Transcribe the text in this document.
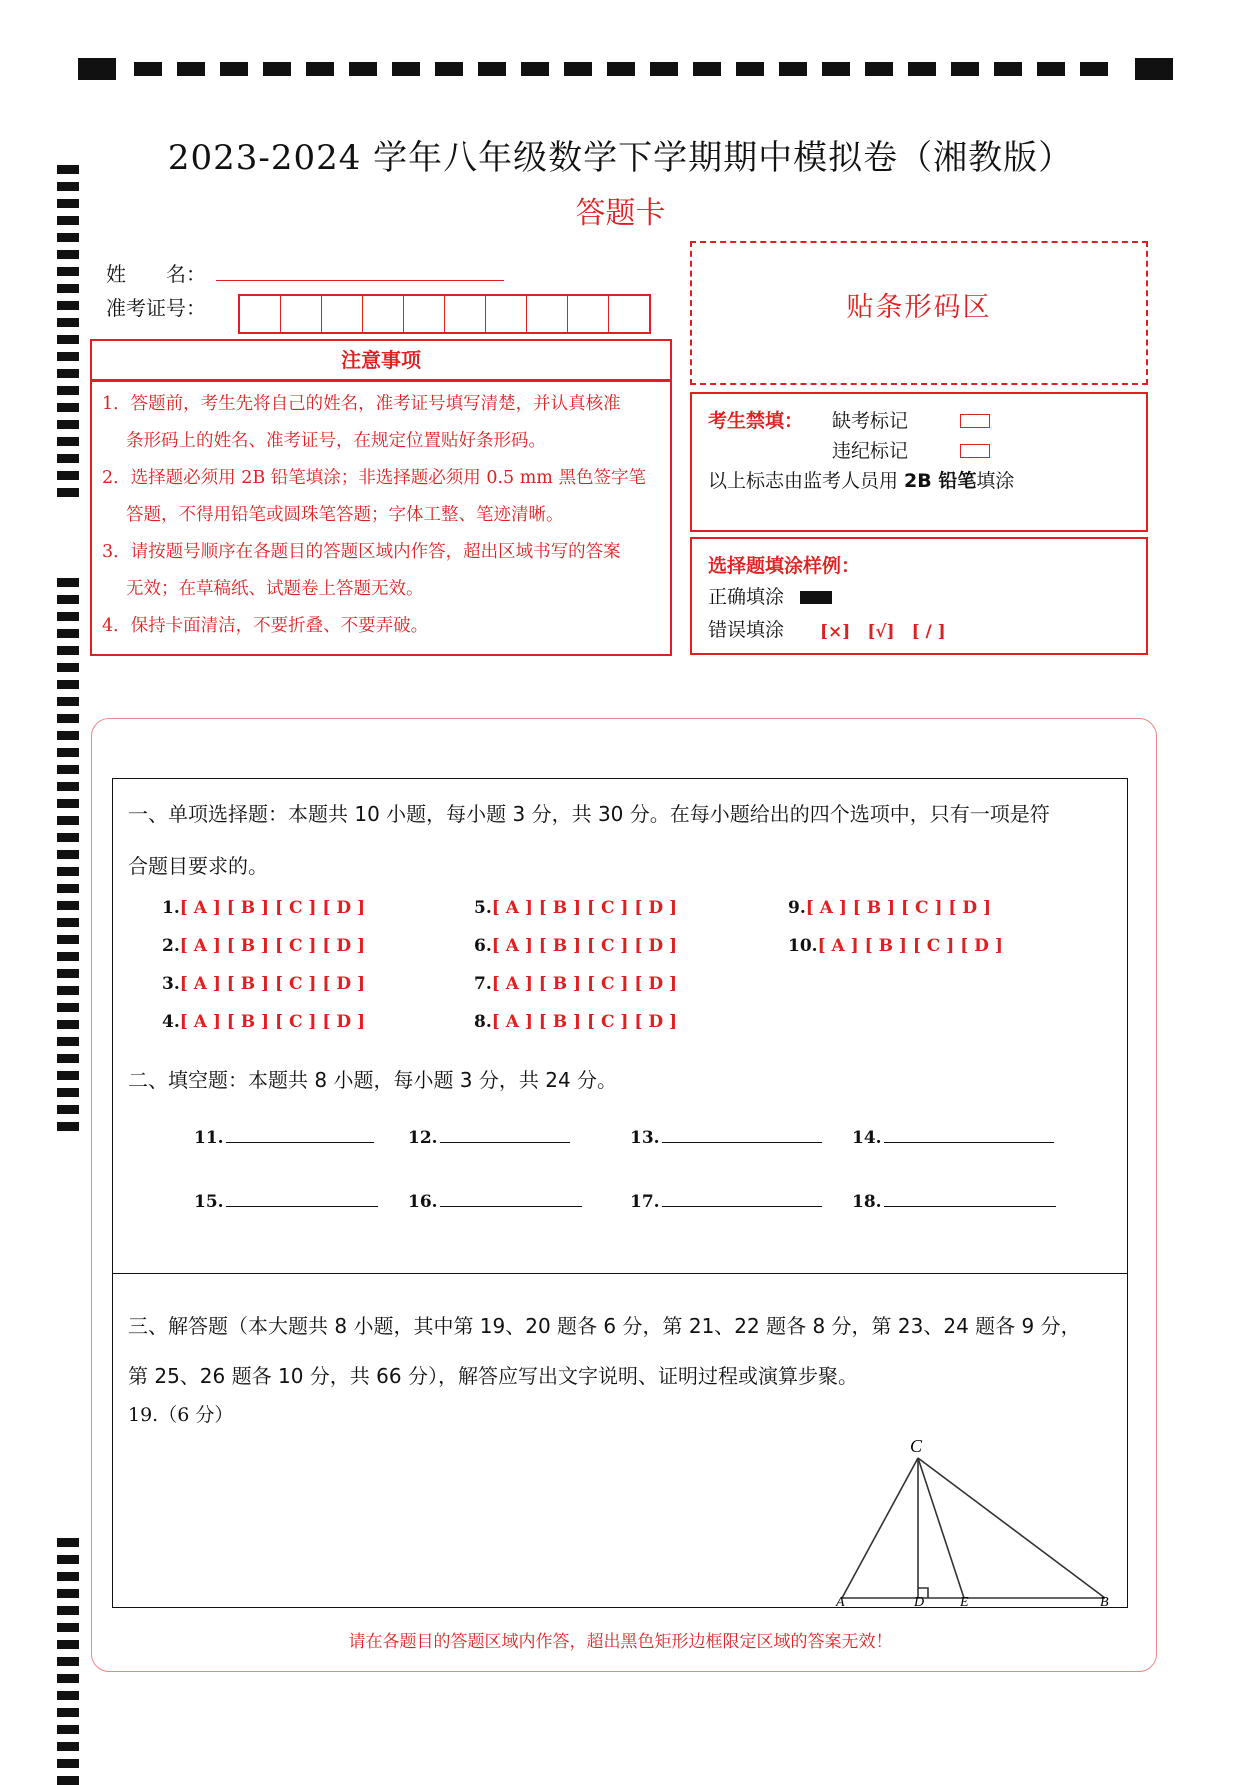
2023-2024 学年八年级数学下学期期中模拟卷（湘教版）
答题卡
姓　　名：
准考证号：
注意事项

1．答题前，考生先将自己的姓名，准考证号填写清楚，并认真核准

条形码上的姓名、准考证号，在规定位置贴好条形码。

2．选择题必须用 2B 铅笔填涂；非选择题必须用 0.5 mm 黑色签字笔

答题，不得用铅笔或圆珠笔答题；字体工整、笔迹清晰。

3．请按题号顺序在各题目的答题区域内作答，超出区域书写的答案

无效；在草稿纸、试题卷上答题无效。

4．保持卡面清洁，不要折叠、不要弄破。

贴条形码区
考生禁填： 缺考标记
违纪标记
以上标志由监考人员用 2B 铅笔填涂
选择题填涂样例：
正确填涂
错误填涂 [×]　[√]　[ / ]
一、单项选择题：本题共 10 小题，每小题 3 分，共 30 分。在每小题给出的四个选项中，只有一项是符
合题目要求的。
1.[ A ] [ B ] [ C ] [ D ]
2.[ A ] [ B ] [ C ] [ D ]
3.[ A ] [ B ] [ C ] [ D ]
4.[ A ] [ B ] [ C ] [ D ]
5.[ A ] [ B ] [ C ] [ D ]
6.[ A ] [ B ] [ C ] [ D ]
7.[ A ] [ B ] [ C ] [ D ]
8.[ A ] [ B ] [ C ] [ D ]
9.[ A ] [ B ] [ C ] [ D ]
10.[ A ] [ B ] [ C ] [ D ]
二、填空题：本题共 8 小题，每小题 3 分，共 24 分。
11.	12.	13.	14.
15.	16.	17.	18.
三、解答题（本大题共 8 小题，其中第 19、20 题各 6 分，第 21、22 题各 8 分，第 23、24 题各 9 分，
第 25、26 题各 10 分，共 66 分），解答应写出文字说明、证明过程或演算步聚。
19.（6 分）
C
A	D	E	B
请在各题目的答题区域内作答，超出黑色矩形边框限定区域的答案无效！
